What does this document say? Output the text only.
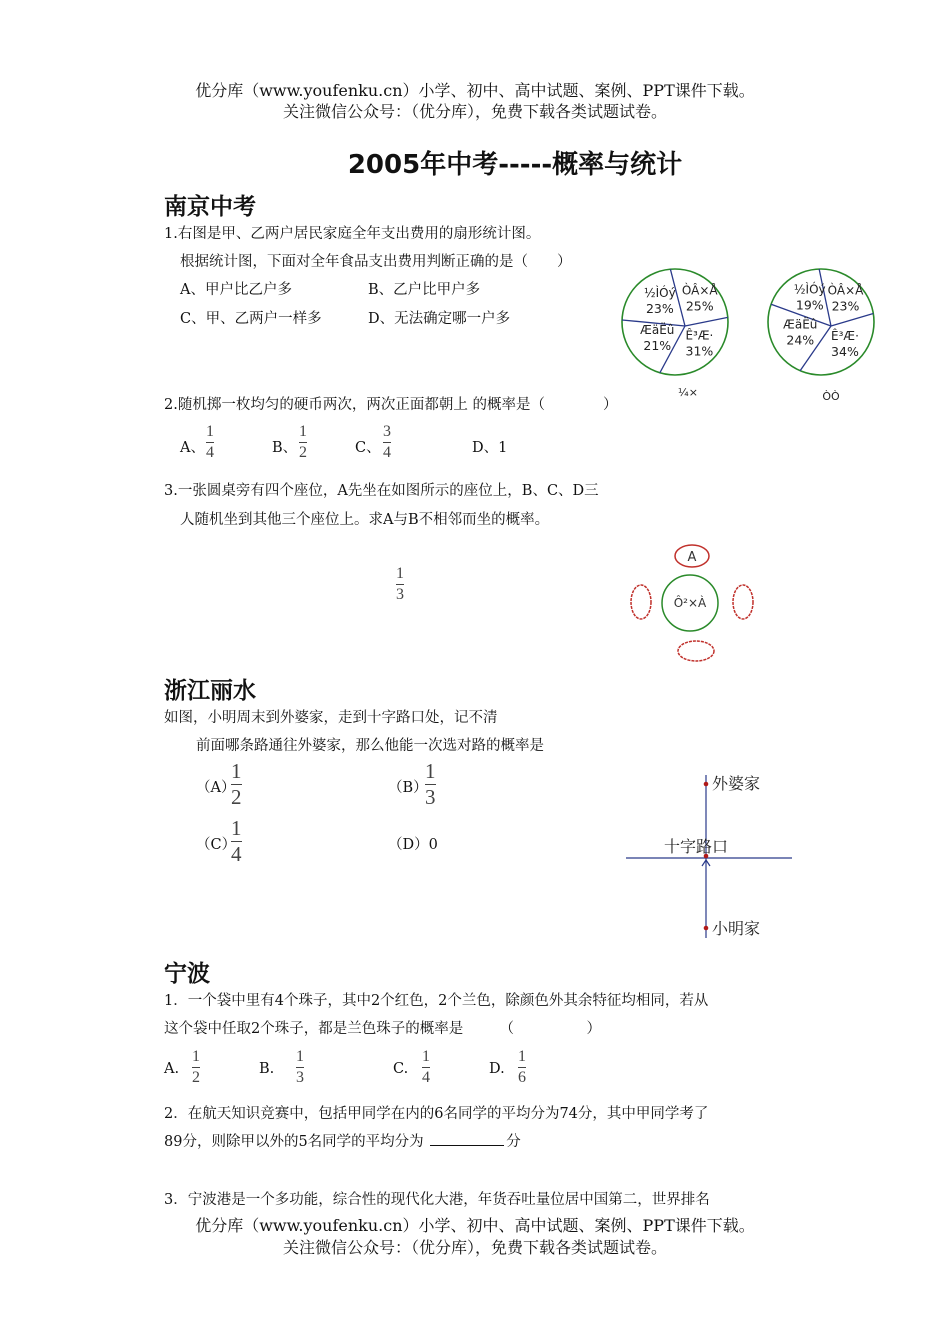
优分库（www.youfenku.cn）小学、初中、高中试题、案例、PPT课件下载。
关注微信公众号：（优分库），免费下载各类试题试卷。
2005年中考-----概率与统计
南京中考
1.右图是甲、乙两户居民家庭全年支出费用的扇形统计图。
根据统计图，下面对全年食品支出费用判断正确的是（　　）
A、甲户比乙户多	B、乙户比甲户多
C、甲、乙两户一样多	D、无法确定哪一户多
ÒÂ×Å
25%
Ê³Æ·
31%
ÆäËû
21%
½ÌÓý
23%
¼×
ÒÂ×Å
23%
Ê³Æ·
34%
ÆäËû
24%
½ÌÓý
19%
ÒÒ
2.随机掷一枚均匀的硬币两次，两次正面都朝上 的概率是（　　　　）
A、
1
4	B、
1
2	C、
3
4	D、1
3.一张圆桌旁有四个座位，A先坐在如图所示的座位上，B、C、D三
人随机坐到其他三个座位上。求A与B不相邻而坐的概率。
1
3
A
Ô²×À
浙江丽水
如图，小明周末到外婆家，走到十字路口处，记不清
前面哪条路通往外婆家，那么他能一次选对路的概率是
（A）
1
2	（B）
1
3
（C）
1
4	（D）0
外婆家
十字路口
小明家
宁波
1．一个袋中里有4个珠子，其中2个红色，2个兰色，除颜色外其余特征均相同，若从
这个袋中任取2个珠子，都是兰色珠子的概率是　　　（　　　　　）
A.
1
2	B.
1
3	C.
1
4	D.
1
6
2．在航天知识竞赛中，包括甲同学在内的6名同学的平均分为74分，其中甲同学考了
89分，则除甲以外的5名同学的平均分为	分
3．宁波港是一个多功能，综合性的现代化大港，年货吞吐量位居中国第二，世界排名
优分库（www.youfenku.cn）小学、初中、高中试题、案例、PPT课件下载。
关注微信公众号：（优分库），免费下载各类试题试卷。
